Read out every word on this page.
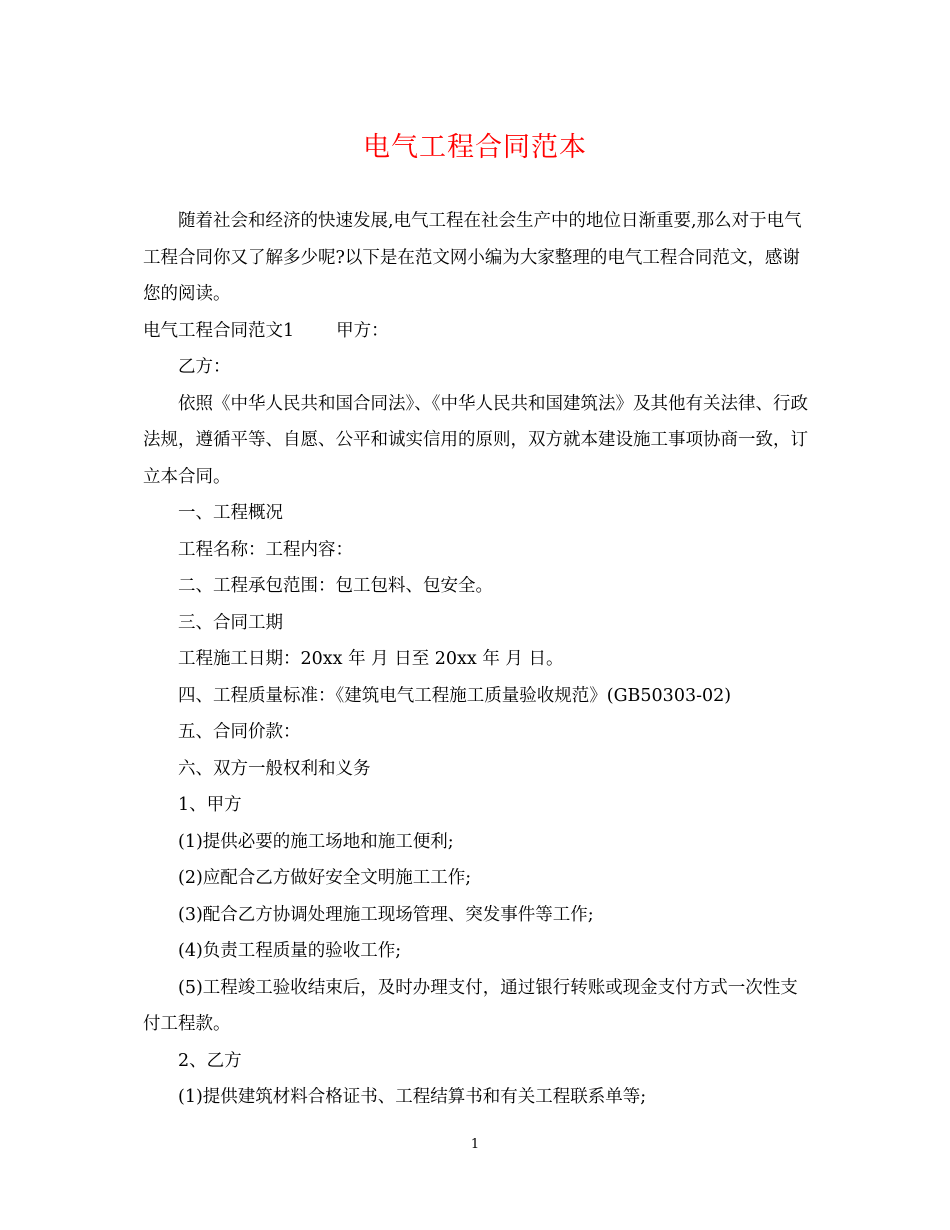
电气工程合同范本

随着社会和经济的快速发展,电气工程在社会生产中的地位日渐重要,那么对于电气工程合同你又了解多少呢?以下是在范文网小编为大家整理的电气工程合同范文，感谢您的阅读。

电气工程合同范文1 甲方：

乙方：

依照《中华人民共和国合同法》、《中华人民共和国建筑法》及其他有关法律、行政法规，遵循平等、自愿、公平和诚实信用的原则，双方就本建设施工事项协商一致，订立本合同。

一、工程概况

工程名称：工程内容：

二、工程承包范围：包工包料、包安全。

三、合同工期

工程施工日期：20xx 年 月 日至 20xx 年 月 日。

四、工程质量标准：《建筑电气工程施工质量验收规范》(GB50303-02)

五、合同价款：

六、双方一般权利和义务

1、甲方

(1)提供必要的施工场地和施工便利;

(2)应配合乙方做好安全文明施工工作;

(3)配合乙方协调处理施工现场管理、突发事件等工作;

(4)负责工程质量的验收工作;

(5)工程竣工验收结束后，及时办理支付，通过银行转账或现金支付方式一次性支付工程款。

2、乙方

(1)提供建筑材料合格证书、工程结算书和有关工程联系单等;

1
